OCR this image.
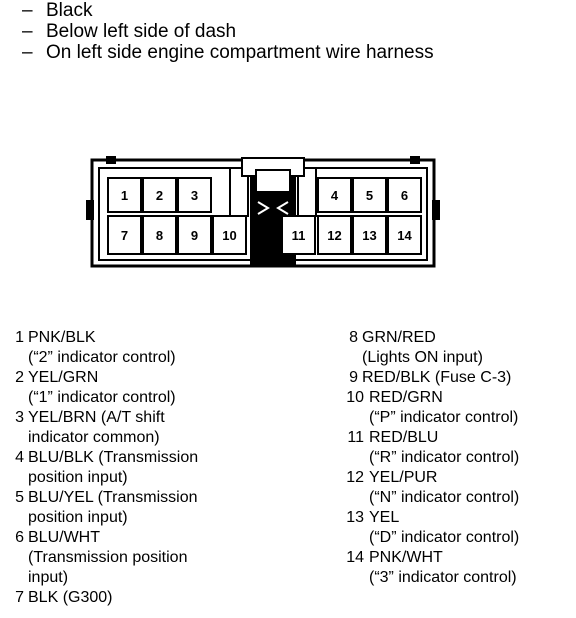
– Black
– Below left side of dash
– On left side engine compartment wire harness
1 2 3	4 5 6
7 8 9 10	11 12 13 14
1 PNK/BLK
(“2” indicator control)
2 YEL/GRN
(“1” indicator control)
3 YEL/BRN (A/T shift
indicator common)
4 BLU/BLK (Transmission
position input)
5 BLU/YEL (Transmission
position input)
6 BLU/WHT
(Transmission position
input)
7 BLK (G300)
8 GRN/RED
(Lights ON input)
9 RED/BLK (Fuse C-3)
10 RED/GRN
(“P” indicator control)
11 RED/BLU
(“R” indicator control)
12 YEL/PUR
(“N” indicator control)
13 YEL
(“D” indicator control)
14 PNK/WHT
(“3” indicator control)
